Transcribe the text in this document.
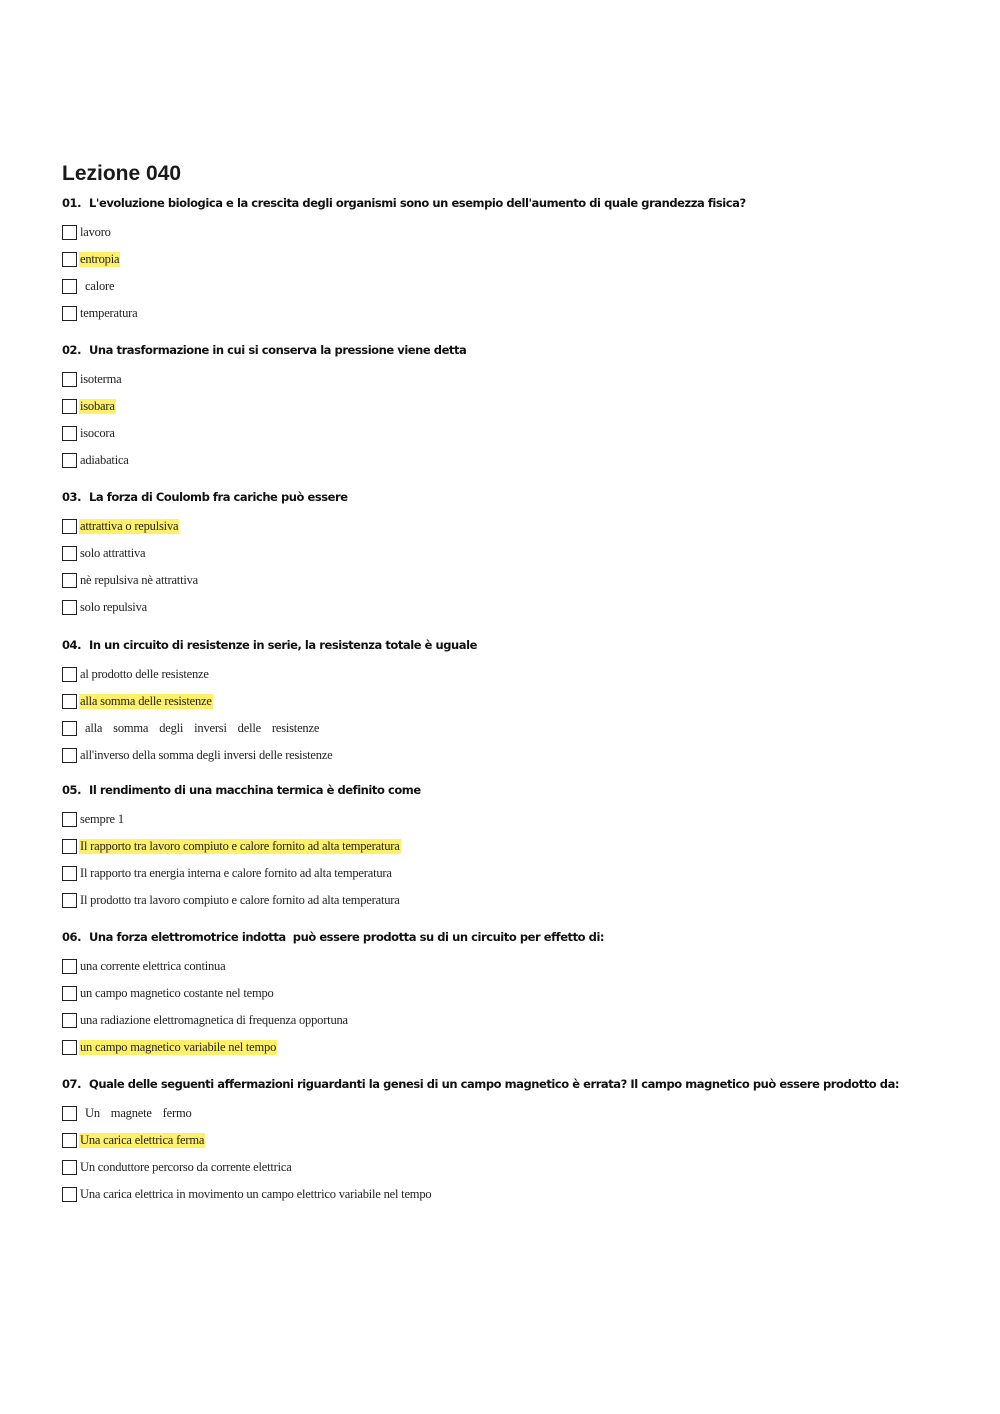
Lezione 040
01. L'evoluzione biologica e la crescita degli organismi sono un esempio dell'aumento di quale grandezza fisica?
lavoro
entropia
calore
temperatura
02. Una trasformazione in cui si conserva la pressione viene detta
isoterma
isobara
isocora
adiabatica
03. La forza di Coulomb fra cariche può essere
attrattiva o repulsiva
solo attrattiva
nè repulsiva nè attrattiva
solo repulsiva
04. In un circuito di resistenze in serie, la resistenza totale è uguale
al prodotto delle resistenze
alla somma delle resistenze
alla somma degli inversi delle resistenze
all'inverso della somma degli inversi delle resistenze
05. Il rendimento di una macchina termica è definito come
sempre 1
Il rapporto tra lavoro compiuto e calore fornito ad alta temperatura
Il rapporto tra energia interna e calore fornito ad alta temperatura
Il prodotto tra lavoro compiuto e calore fornito ad alta temperatura
06. Una forza elettromotrice indotta  può essere prodotta su di un circuito per effetto di:
una corrente elettrica continua
un campo magnetico costante nel tempo
una radiazione elettromagnetica di frequenza opportuna
un campo magnetico variabile nel tempo
07. Quale delle seguenti affermazioni riguardanti la genesi di un campo magnetico è errata? Il campo magnetico può essere prodotto da:
Un magnete fermo
Una carica elettrica ferma
Un conduttore percorso da corrente elettrica
Una carica elettrica in movimento un campo elettrico variabile nel tempo
